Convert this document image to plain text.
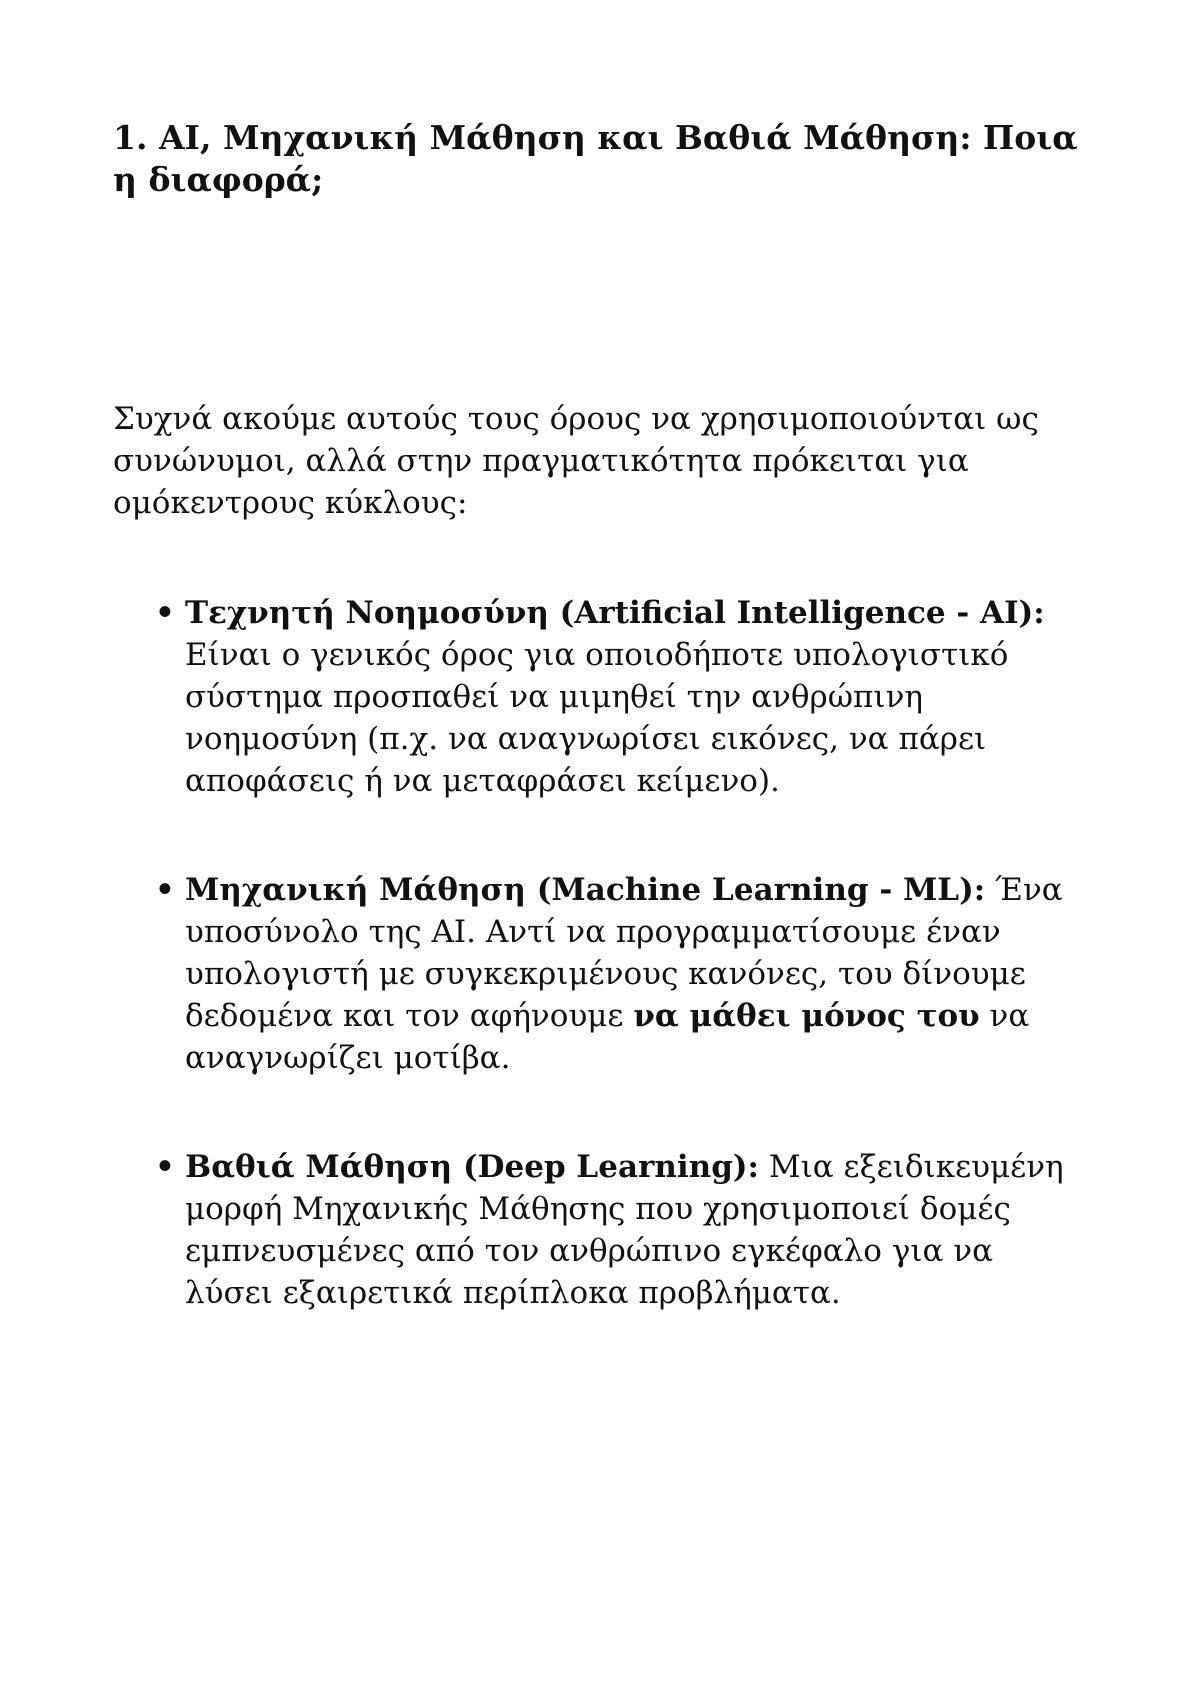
1. AI, Μηχανική Μάθηση και Βαθιά Μάθηση: Ποια η διαφορά;

Συχνά ακούμε αυτούς τους όρους να χρησιμοποιούνται ως συνώνυμοι, αλλά στην πραγματικότητα πρόκειται για ομόκεντρους κύκλους:

• Τεχνητή Νοημοσύνη (Artificial Intelligence - AI): Είναι ο γενικός όρος για οποιοδήποτε υπολογιστικό σύστημα προσπαθεί να μιμηθεί την ανθρώπινη νοημοσύνη (π.χ. να αναγνωρίσει εικόνες, να πάρει αποφάσεις ή να μεταφράσει κείμενο).
• Μηχανική Μάθηση (Machine Learning - ML): Ένα υποσύνολο της AI. Αντί να προγραμματίσουμε έναν υπολογιστή με συγκεκριμένους κανόνες, του δίνουμε δεδομένα και τον αφήνουμε να μάθει μόνος του να αναγνωρίζει μοτίβα.
• Βαθιά Μάθηση (Deep Learning): Μια εξειδικευμένη μορφή Μηχανικής Μάθησης που χρησιμοποιεί δομές εμπνευσμένες από τον ανθρώπινο εγκέφαλο για να λύσει εξαιρετικά περίπλοκα προβλήματα.
